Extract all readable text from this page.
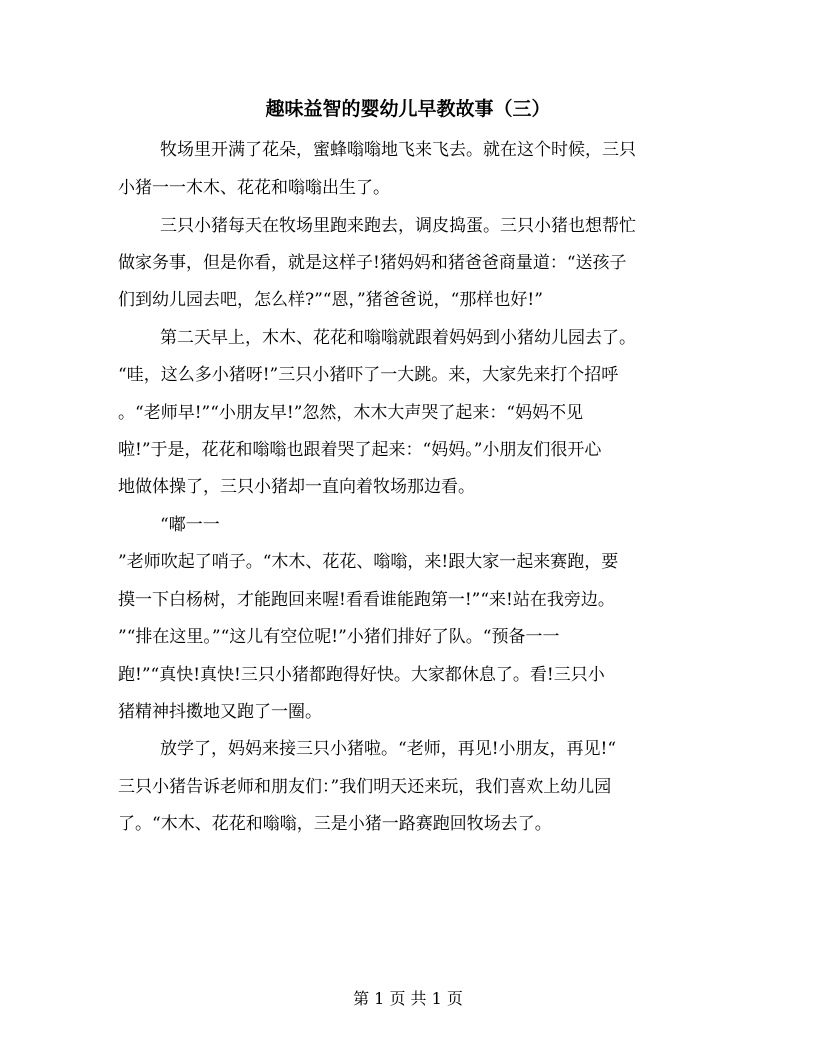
趣味益智的婴幼儿早教故事（三）
牧场里开满了花朵，蜜蜂嗡嗡地飞来飞去。就在这个时候，三只
小猪一一木木、花花和嗡嗡出生了。
三只小猪每天在牧场里跑来跑去，调皮捣蛋。三只小猪也想帮忙
做家务事，但是你看，就是这样子!猪妈妈和猪爸爸商量道：“送孩子
们到幼儿园去吧，怎么样?”“恩，”猪爸爸说，“那样也好!”
第二天早上，木木、花花和嗡嗡就跟着妈妈到小猪幼儿园去了。
“哇，这么多小猪呀!”三只小猪吓了一大跳。来，大家先来打个招呼
。“老师早!”“小朋友早!”忽然，木木大声哭了起来：“妈妈不见
啦!”于是，花花和嗡嗡也跟着哭了起来：“妈妈。”小朋友们很开心
地做体操了，三只小猪却一直向着牧场那边看。
“嘟一一
”老师吹起了哨子。“木木、花花、嗡嗡，来!跟大家一起来赛跑，要
摸一下白杨树，才能跑回来喔!看看谁能跑第一!”“来!站在我旁边。
”“排在这里。”“这儿有空位呢!”小猪们排好了队。“预备一一
跑!”“真快!真快!三只小猪都跑得好快。大家都休息了。看!三只小
猪精神抖擞地又跑了一圈。
放学了，妈妈来接三只小猪啦。“老师，再见!小朋友，再见!“
三只小猪告诉老师和朋友们：”我们明天还来玩，我们喜欢上幼儿园
了。“木木、花花和嗡嗡，三是小猪一路赛跑回牧场去了。
第 1 页 共 1 页
